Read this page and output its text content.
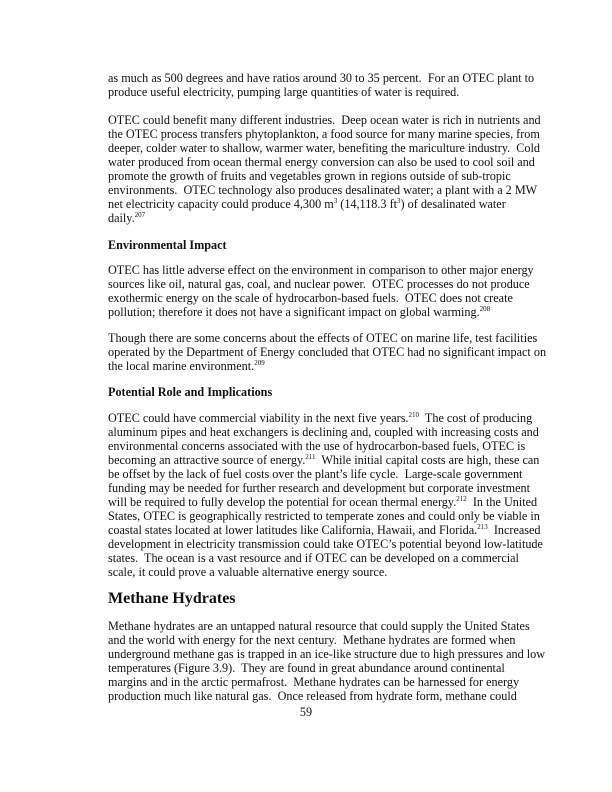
as much as 500 degrees and have ratios around 30 to 35 percent.  For an OTEC plant to
produce useful electricity, pumping large quantities of water is required.
OTEC could benefit many different industries.  Deep ocean water is rich in nutrients and
the OTEC process transfers phytoplankton, a food source for many marine species, from
deeper, colder water to shallow, warmer water, benefiting the mariculture industry.  Cold
water produced from ocean thermal energy conversion can also be used to cool soil and
promote the growth of fruits and vegetables grown in regions outside of sub-tropic
environments.  OTEC technology also produces desalinated water; a plant with a 2 MW
net electricity capacity could produce 4,300 $m^3$ (14,118.3 $ft^3$) of desalinated water
daily.$^{207}$
Environmental Impact
OTEC has little adverse effect on the environment in comparison to other major energy
sources like oil, natural gas, coal, and nuclear power.  OTEC processes do not produce
exothermic energy on the scale of hydrocarbon-based fuels.  OTEC does not create
pollution; therefore it does not have a significant impact on global warming.$^{208}$
Though there are some concerns about the effects of OTEC on marine life, test facilities
operated by the Department of Energy concluded that OTEC had no significant impact on
the local marine environment.$^{209}$
Potential Role and Implications
OTEC could have commercial viability in the next five years.$^{210}$  The cost of producing
aluminum pipes and heat exchangers is declining and, coupled with increasing costs and
environmental concerns associated with the use of hydrocarbon-based fuels, OTEC is
becoming an attractive source of energy.$^{211}$  While initial capital costs are high, these can
be offset by the lack of fuel costs over the plant’s life cycle.  Large-scale government
funding may be needed for further research and development but corporate investment
will be required to fully develop the potential for ocean thermal energy.$^{212}$  In the United
States, OTEC is geographically restricted to temperate zones and could only be viable in
coastal states located at lower latitudes like California, Hawaii, and Florida.$^{213}$  Increased
development in electricity transmission could take OTEC’s potential beyond low-latitude
states.  The ocean is a vast resource and if OTEC can be developed on a commercial
scale, it could prove a valuable alternative energy source.
Methane Hydrates
Methane hydrates are an untapped natural resource that could supply the United States
and the world with energy for the next century.  Methane hydrates are formed when
underground methane gas is trapped in an ice-like structure due to high pressures and low
temperatures (Figure 3.9).  They are found in great abundance around continental
margins and in the arctic permafrost.  Methane hydrates can be harnessed for energy
production much like natural gas.  Once released from hydrate form, methane could
59
